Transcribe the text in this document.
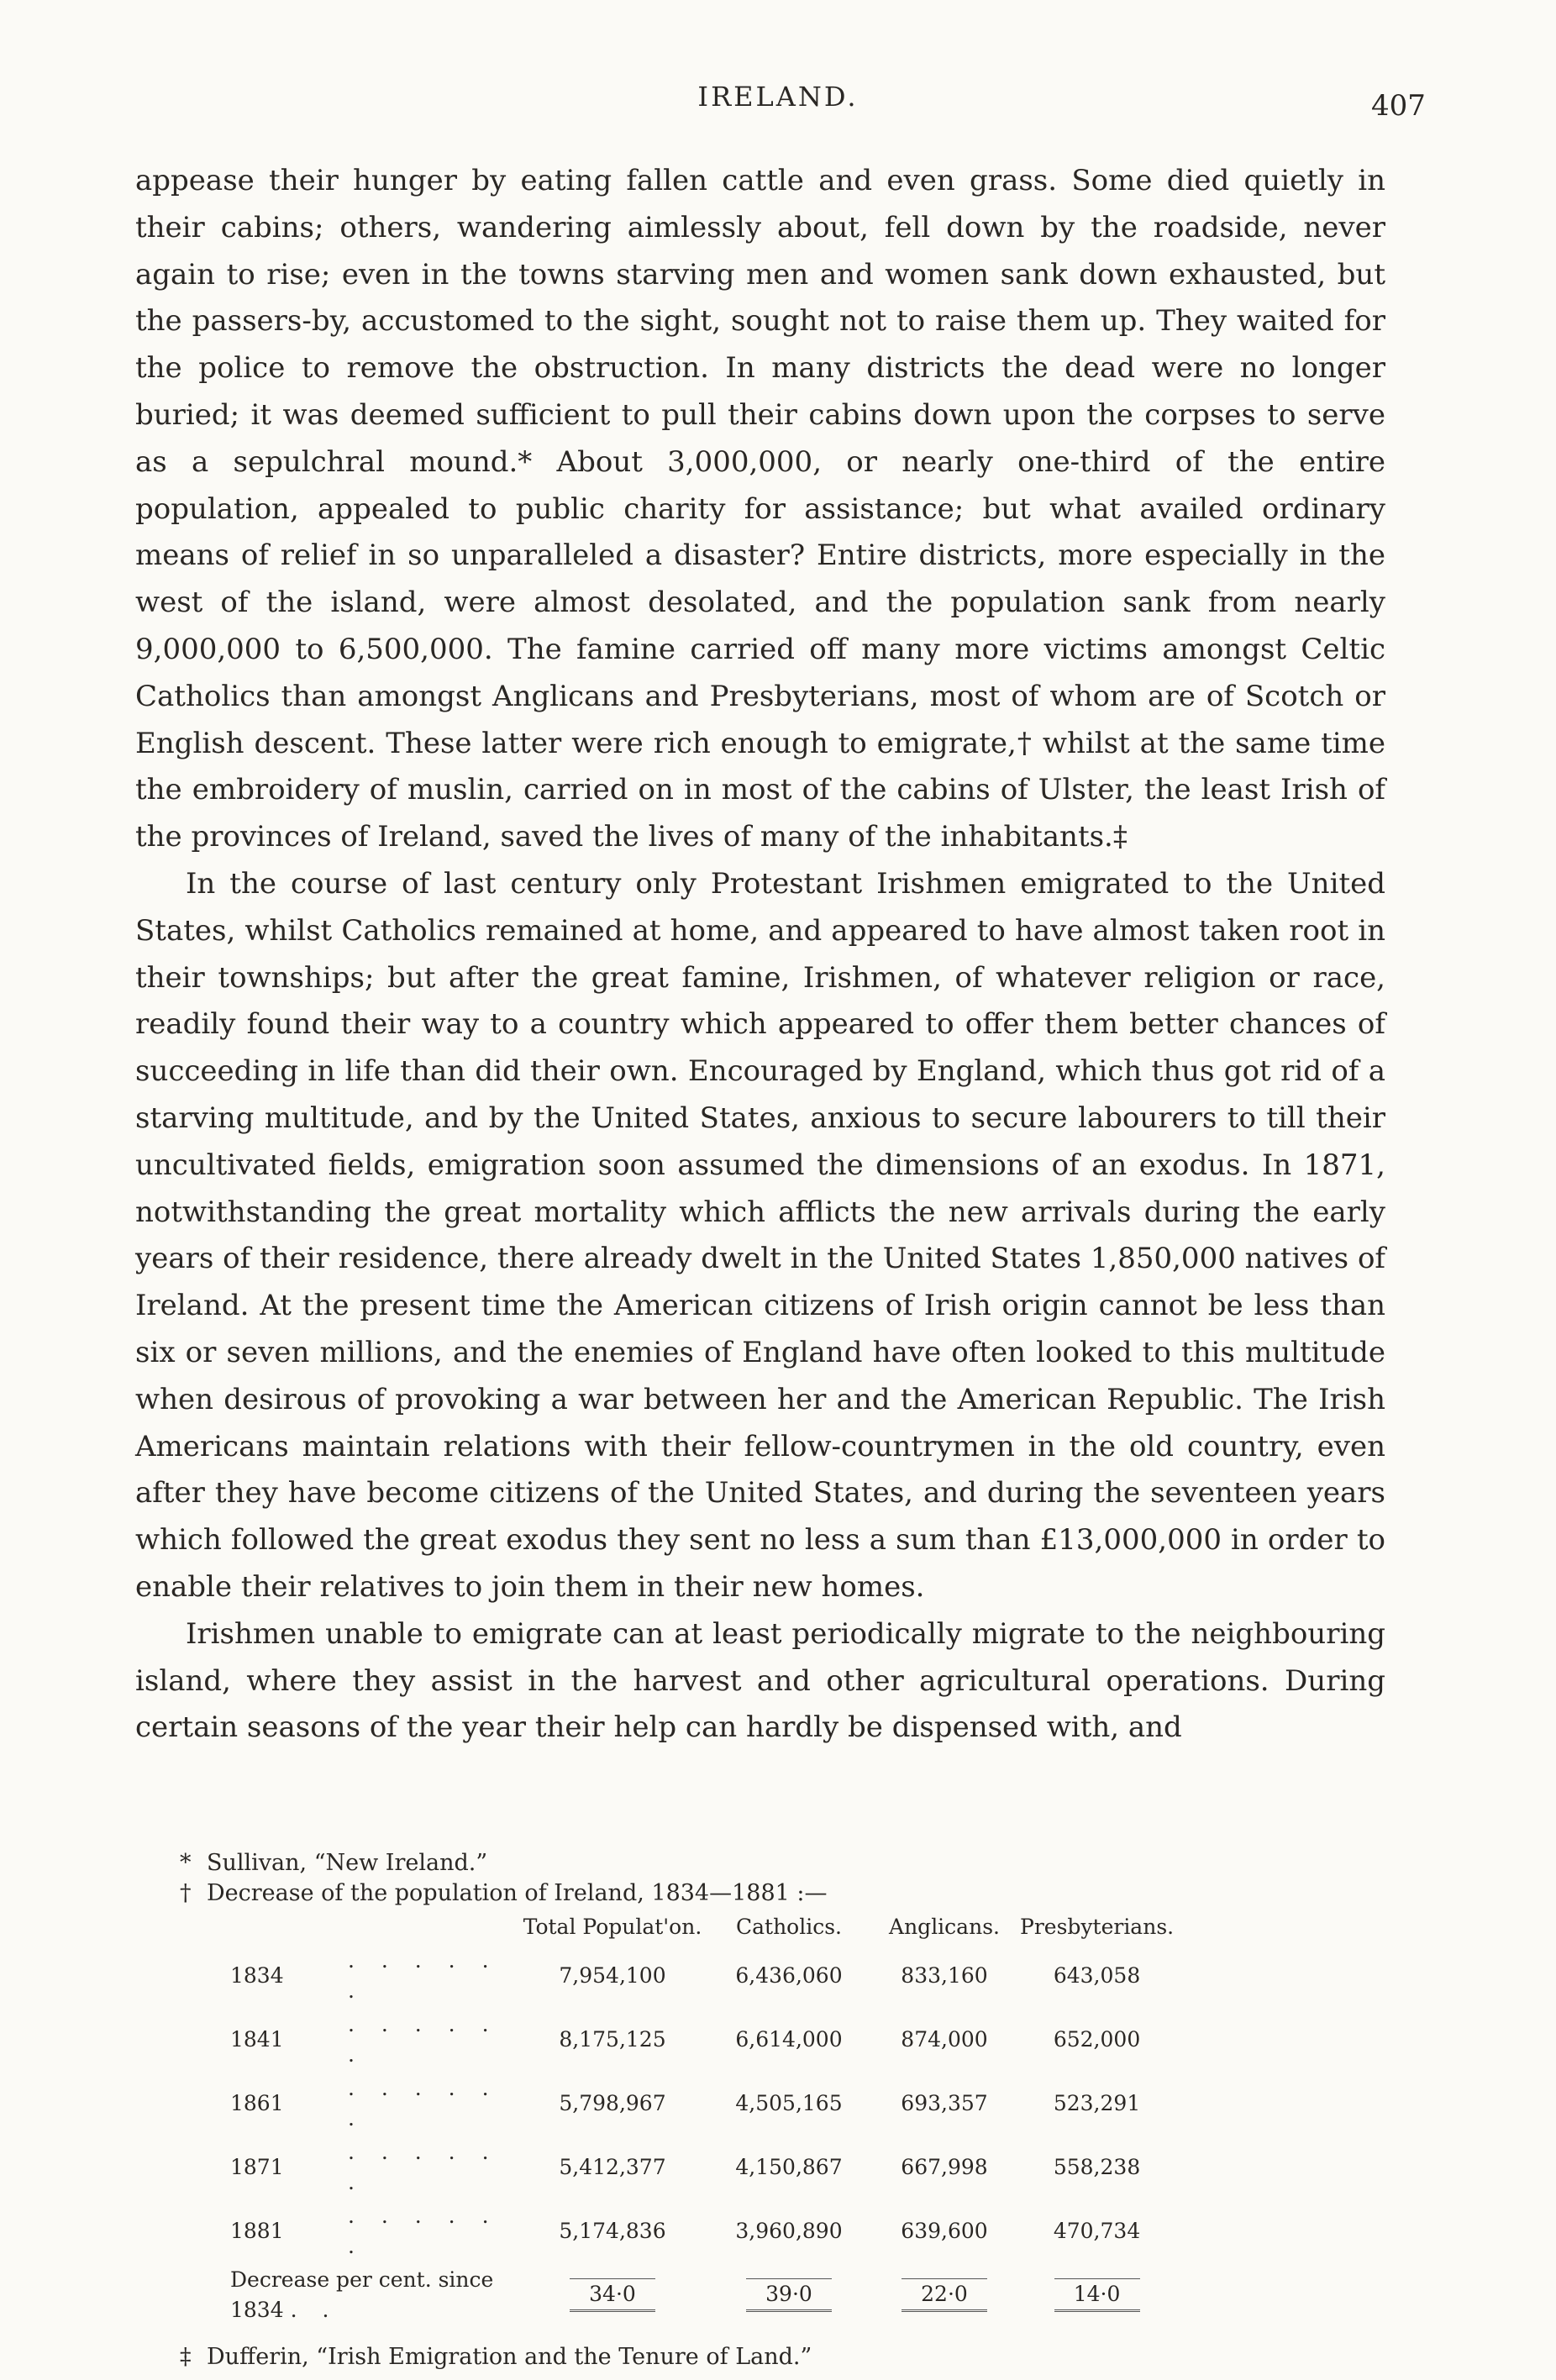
IRELAND.	407

appease their hunger by eating fallen cattle and even grass. Some died quietly in their cabins; others, wandering aimlessly about, fell down by the roadside, never again to rise; even in the towns starving men and women sank down exhausted, but the passers-by, accustomed to the sight, sought not to raise them up. They waited for the police to remove the obstruction. In many districts the dead were no longer buried; it was deemed sufficient to pull their cabins down upon the corpses to serve as a sepulchral mound.* About 3,000,000, or nearly one-third of the entire population, appealed to public charity for assistance; but what availed ordinary means of relief in so unparalleled a disaster? Entire districts, more especially in the west of the island, were almost desolated, and the population sank from nearly 9,000,000 to 6,500,000. The famine carried off many more victims amongst Celtic Catholics than amongst Anglicans and Presbyterians, most of whom are of Scotch or English descent. These latter were rich enough to emigrate,† whilst at the same time the embroidery of muslin, carried on in most of the cabins of Ulster, the least Irish of the provinces of Ireland, saved the lives of many of the inhabitants.‡

In the course of last century only Protestant Irishmen emigrated to the United States, whilst Catholics remained at home, and appeared to have almost taken root in their townships; but after the great famine, Irishmen, of whatever religion or race, readily found their way to a country which appeared to offer them better chances of succeeding in life than did their own. Encouraged by England, which thus got rid of a starving multitude, and by the United States, anxious to secure labourers to till their uncultivated fields, emigration soon assumed the dimensions of an exodus. In 1871, notwithstanding the great mortality which afflicts the new arrivals during the early years of their residence, there already dwelt in the United States 1,850,000 natives of Ireland. At the present time the American citizens of Irish origin cannot be less than six or seven millions, and the enemies of England have often looked to this multitude when desirous of provoking a war between her and the American Republic. The Irish Americans maintain relations with their fellow-countrymen in the old country, even after they have become citizens of the United States, and during the seventeen years which followed the great exodus they sent no less a sum than £13,000,000 in order to enable their relatives to join them in their new homes.

Irishmen unable to emigrate can at least periodically migrate to the neighbouring island, where they assist in the harvest and other agricultural operations. During certain seasons of the year their help can hardly be dispensed with, and

* Sullivan, “New Ireland.”
† Decrease of the population of Ireland, 1834—1881 :—
		Total Populat'on.	Catholics.	Anglicans.	Presbyterians.
1834	. . . . . .	7,954,100	6,436,060	833,160	643,058
1841	. . . . . .	8,175,125	6,614,000	874,000	652,000
1861	. . . . . .	5,798,967	4,505,165	693,357	523,291
1871	. . . . . .	5,412,377	4,150,867	667,998	558,238
1881	. . . . . .	5,174,836	3,960,890	639,600	470,734
Decrease per cent. since 1834 . .		34·0	39·0	22·0	14·0
‡ Dufferin, “Irish Emigration and the Tenure of Land.”
